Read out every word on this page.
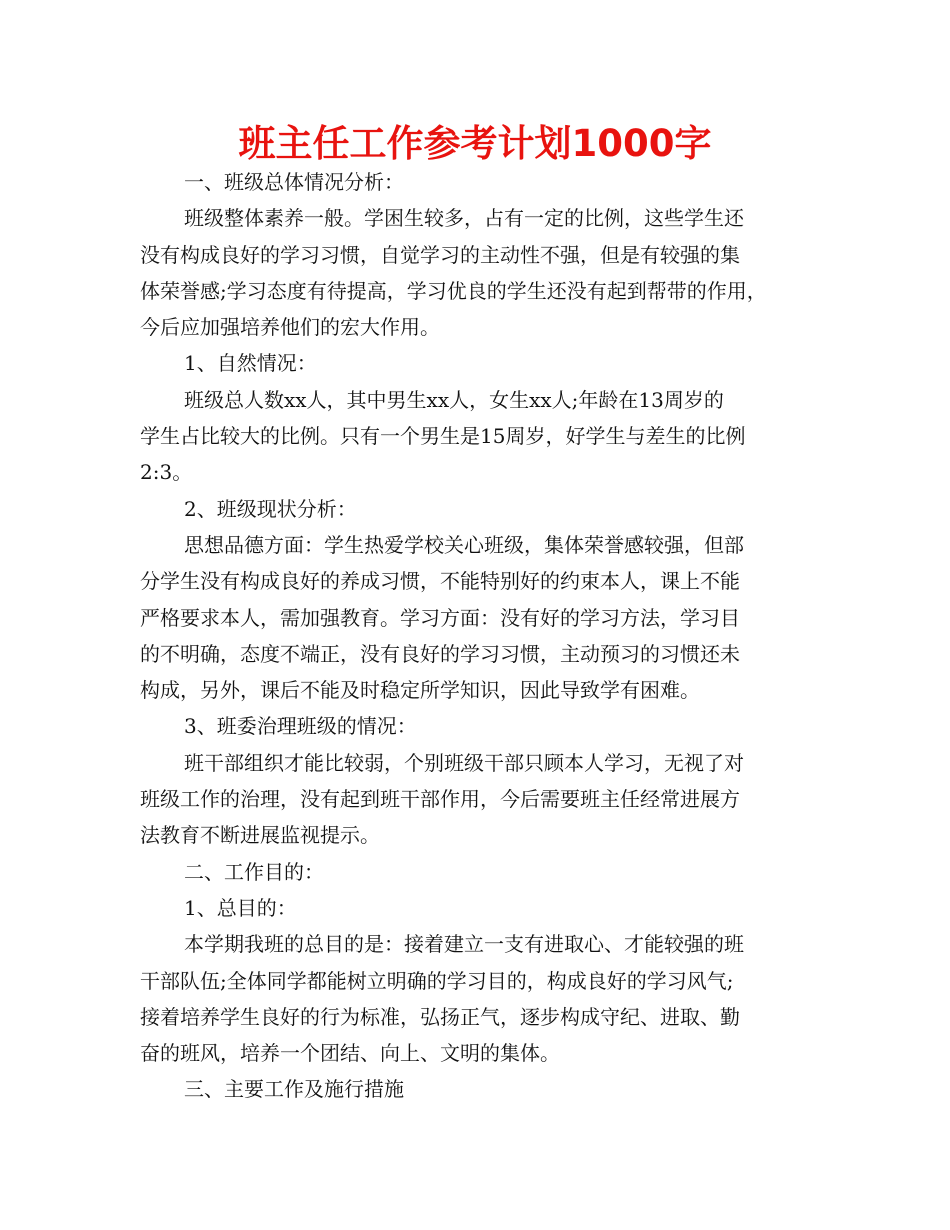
班主任工作参考计划1000字
一、班级总体情况分析：
班级整体素养一般。学困生较多，占有一定的比例，这些学生还
没有构成良好的学习习惯，自觉学习的主动性不强，但是有较强的集
体荣誉感;学习态度有待提高，学习优良的学生还没有起到帮带的作用，
今后应加强培养他们的宏大作用。
1、自然情况：
班级总人数xx人，其中男生xx人，女生xx人;年龄在13周岁的
学生占比较大的比例。只有一个男生是15周岁，好学生与差生的比例
2:3。
2、班级现状分析：
思想品德方面：学生热爱学校关心班级，集体荣誉感较强，但部
分学生没有构成良好的养成习惯，不能特别好的约束本人，课上不能
严格要求本人，需加强教育。学习方面：没有好的学习方法，学习目
的不明确，态度不端正，没有良好的学习习惯，主动预习的习惯还未
构成，另外，课后不能及时稳定所学知识，因此导致学有困难。
3、班委治理班级的情况：
班干部组织才能比较弱，个别班级干部只顾本人学习，无视了对
班级工作的治理，没有起到班干部作用，今后需要班主任经常进展方
法教育不断进展监视提示。
二、工作目的：
1、总目的：
本学期我班的总目的是：接着建立一支有进取心、才能较强的班
干部队伍;全体同学都能树立明确的学习目的，构成良好的学习风气;
接着培养学生良好的行为标准，弘扬正气，逐步构成守纪、进取、勤
奋的班风，培养一个团结、向上、文明的集体。
三、主要工作及施行措施
